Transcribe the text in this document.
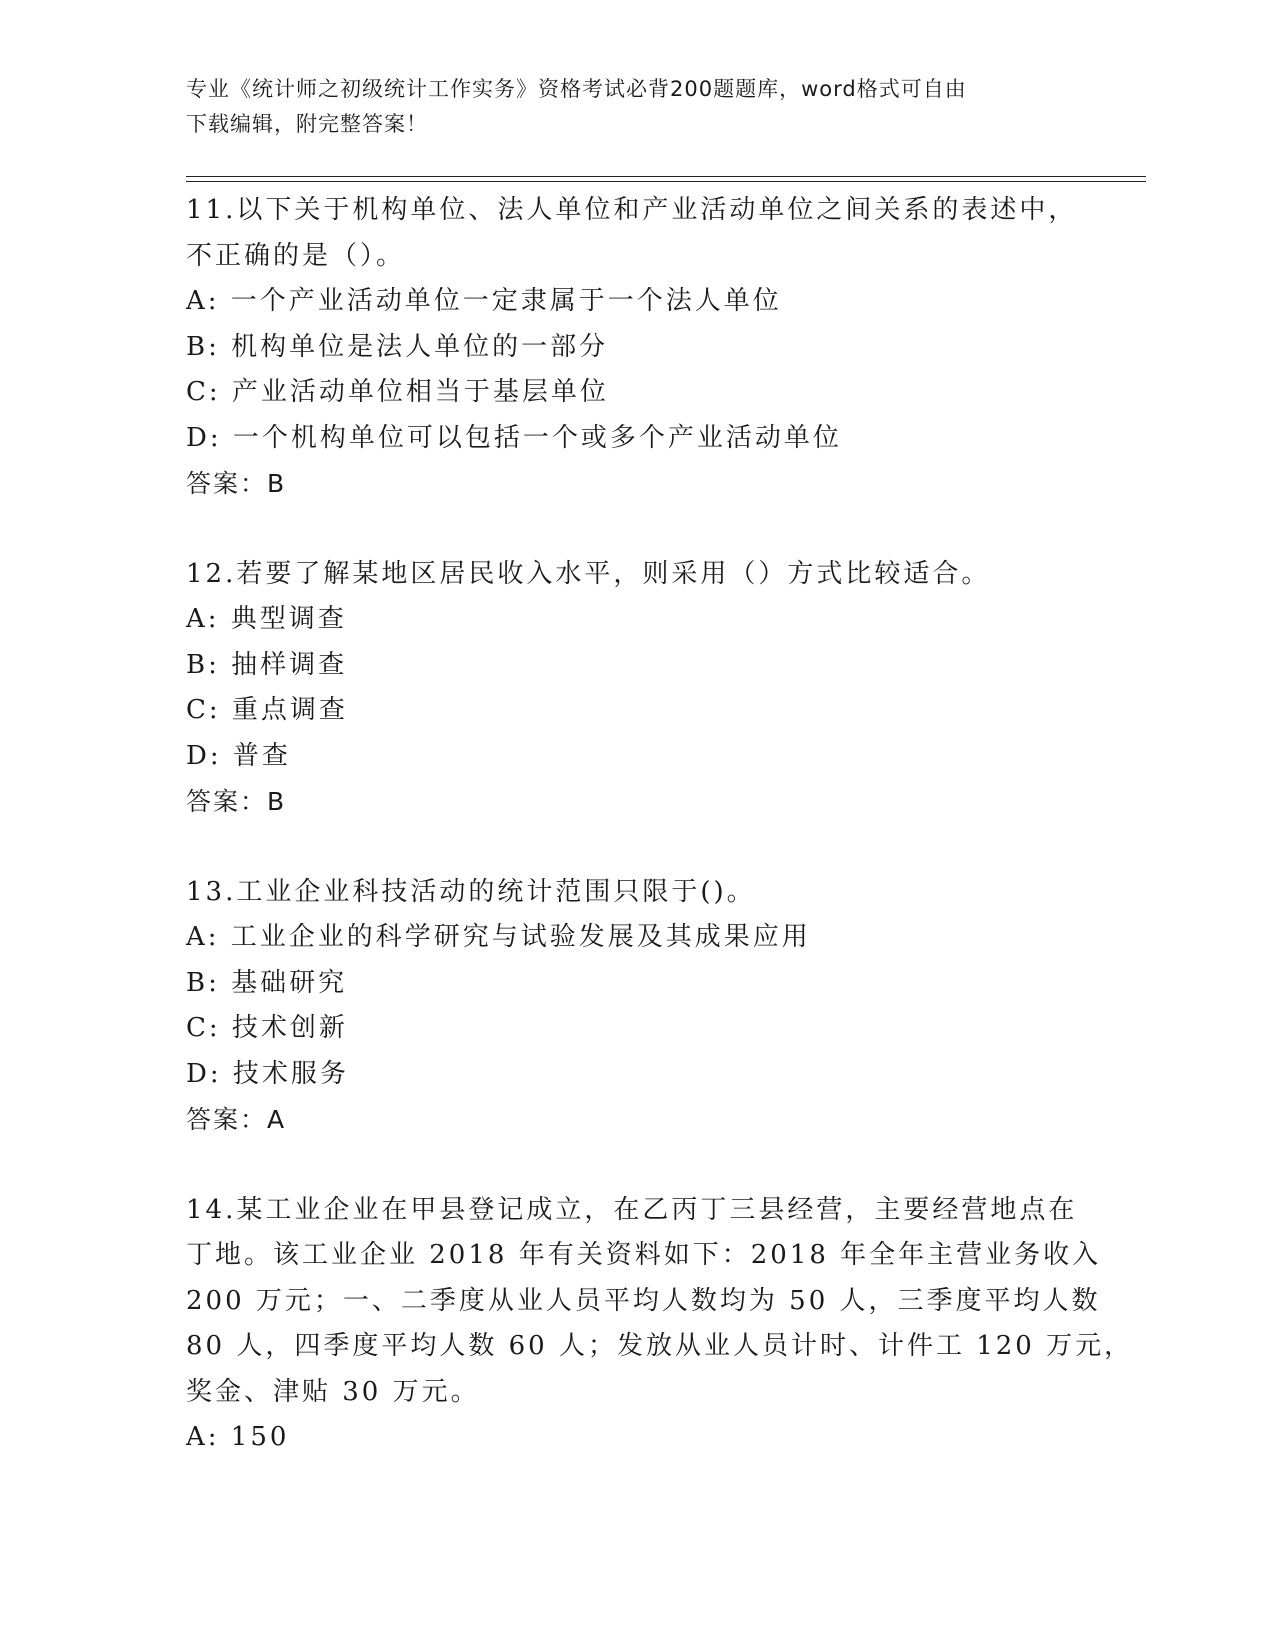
专业《统计师之初级统计工作实务》资格考试必背200题题库，word格式可自由
下载编辑，附完整答案！
11.以下关于机构单位、法人单位和产业活动单位之间关系的表述中，
不正确的是（）。
A: 一个产业活动单位一定隶属于一个法人单位
B: 机构单位是法人单位的一部分
C: 产业活动单位相当于基层单位
D: 一个机构单位可以包括一个或多个产业活动单位
答案：B
12.若要了解某地区居民收入水平，则采用（）方式比较适合。
A: 典型调查
B: 抽样调查
C: 重点调查
D: 普查
答案：B
13.工业企业科技活动的统计范围只限于()。
A: 工业企业的科学研究与试验发展及其成果应用
B: 基础研究
C: 技术创新
D: 技术服务
答案：A
14.某工业企业在甲县登记成立，在乙丙丁三县经营，主要经营地点在
丁地。该工业企业 2018 年有关资料如下：2018 年全年主营业务收入
200 万元；一、二季度从业人员平均人数均为 50 人，三季度平均人数
80 人，四季度平均人数 60 人；发放从业人员计时、计件工 120 万元，
奖金、津贴 30 万元。
A: 150
